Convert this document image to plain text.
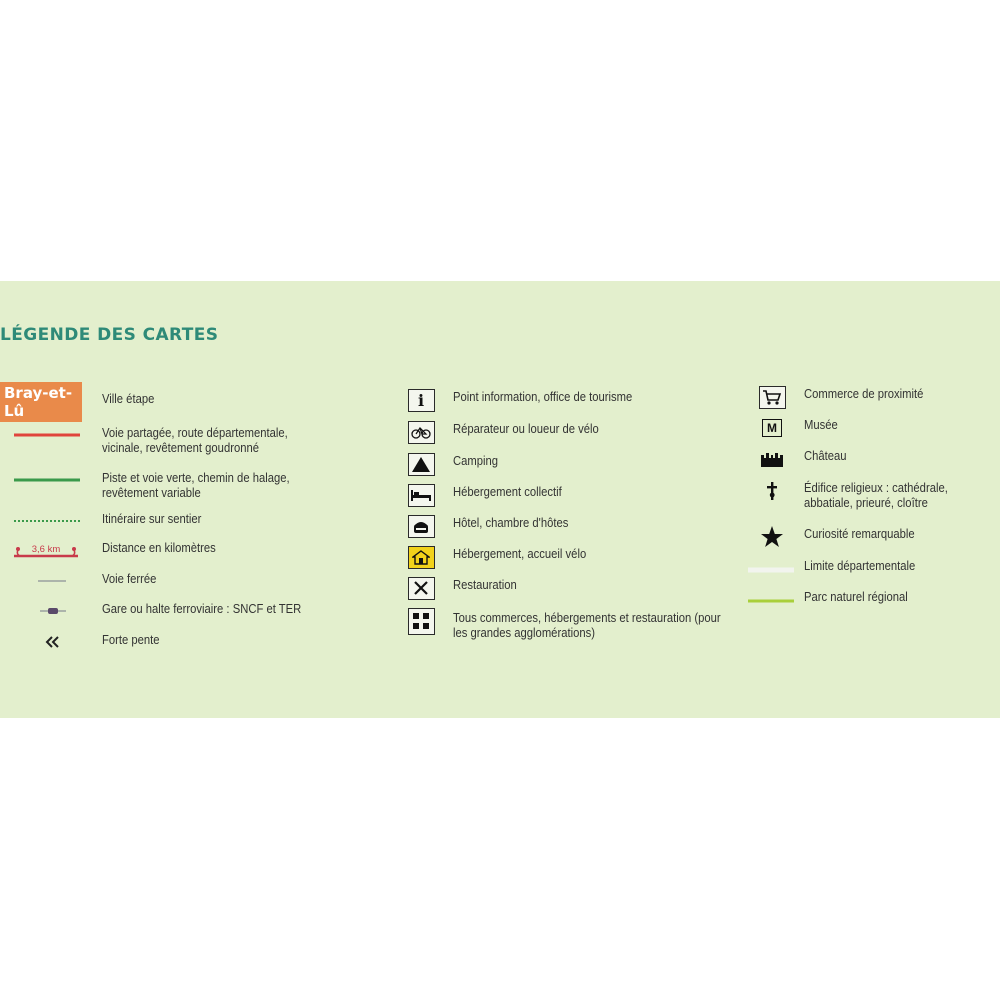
LÉGENDE DES CARTES
Bray-et-Lû
Ville étape
Voie partagée, route départementale, vicinale, revêtement goudronné
Piste et voie verte, chemin de halage, revêtement variable
Itinéraire sur sentier
3,6 km	Distance en kilomètres
Voie ferrée
Gare ou halte ferroviaire : SNCF et TER
Forte pente
i Point information, office de tourisme
Réparateur ou loueur de vélo
Camping
Hébergement collectif
Hôtel, chambre d'hôtes
Hébergement, accueil vélo
Restauration
Tous commerces, hébergements et restauration (pour les grandes agglomérations)
Commerce de proximité
M	Musée
Château
Édifice religieux : cathédrale, abbatiale, prieuré, cloître
Curiosité remarquable
Limite départementale
Parc naturel régional
